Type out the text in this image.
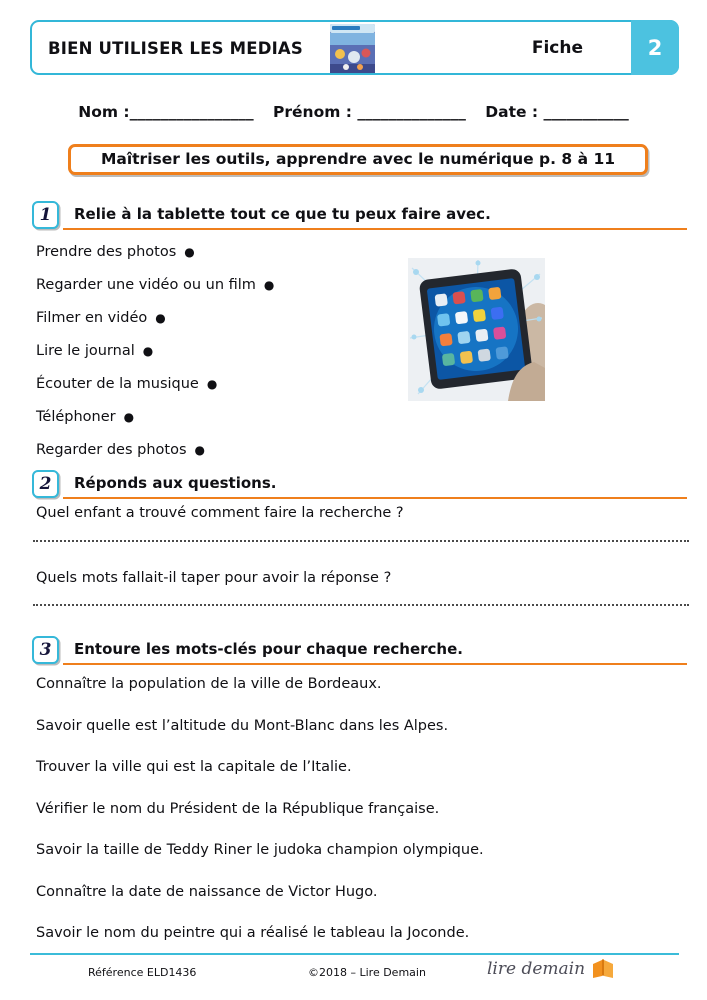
BIEN UTILISER LES MEDIAS	Fiche	2
Nom :________________ Prénom : ______________ Date : ___________
Maîtriser les outils, apprendre avec le numérique p. 8 à 11
1	Relie à la tablette tout ce que tu peux faire avec.
Prendre des photos ●
Regarder une vidéo ou un film ●
Filmer en vidéo ●
Lire le journal ●
Écouter de la musique ●
Téléphoner ●
Regarder des photos ●
2	Réponds aux questions.
Quel enfant a trouvé comment faire la recherche ?
Quels mots fallait-il taper pour avoir la réponse ?
3	Entoure les mots-clés pour chaque recherche.
Connaître la population de la ville de Bordeaux.
Savoir quelle est l’altitude du Mont-Blanc dans les Alpes.
Trouver la ville qui est la capitale de l’Italie.
Vérifier le nom du Président de la République française.
Savoir la taille de Teddy Riner le judoka champion olympique.
Connaître la date de naissance de Victor Hugo.
Savoir le nom du peintre qui a réalisé le tableau la Joconde.
Référence ELD1436	©2018 – Lire Demain	lire demain
